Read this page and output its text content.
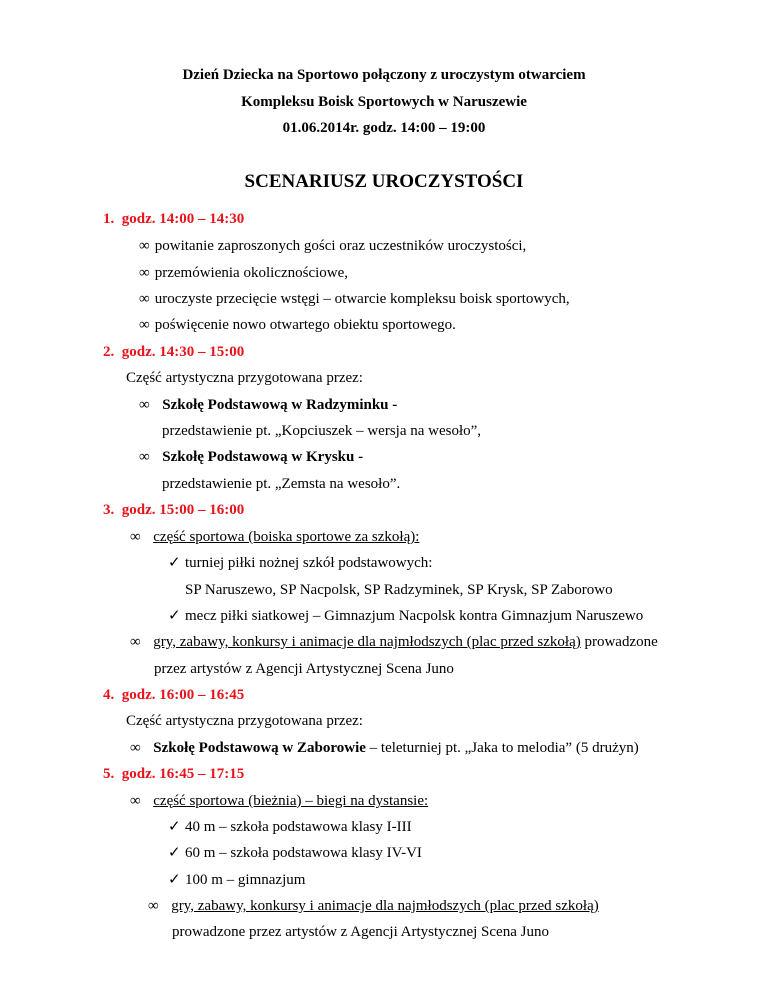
Dzień Dziecka na Sportowo połączony z uroczystym otwarciem
Kompleksu Boisk Sportowych w Naruszewie
01.06.2014r. godz. 14:00 – 19:00
SCENARIUSZ UROCZYSTOŚCI
1. godz. 14:00 – 14:30
∞ powitanie zaproszonych gości oraz uczestników uroczystości,
∞ przemówienia okolicznościowe,
∞ uroczyste przecięcie wstęgi – otwarcie kompleksu boisk sportowych,
∞ poświęcenie nowo otwartego obiektu sportowego.
2. godz. 14:30 – 15:00
Część artystyczna przygotowana przez:
∞ Szkołę Podstawową w Radzyminku -
przedstawienie pt. „Kopciuszek – wersja na wesoło”,
∞ Szkołę Podstawową w Krysku -
przedstawienie pt. „Zemsta na wesoło”.
3. godz. 15:00 – 16:00
∞ część sportowa (boiska sportowe za szkołą):
✓ turniej piłki nożnej szkół podstawowych:
SP Naruszewo, SP Nacpolsk, SP Radzyminek, SP Krysk, SP Zaborowo
✓ mecz piłki siatkowej – Gimnazjum Nacpolsk kontra Gimnazjum Naruszewo
∞ gry, zabawy, konkursy i animacje dla najmłodszych (plac przed szkołą) prowadzone
przez artystów z Agencji Artystycznej Scena Juno
4. godz. 16:00 – 16:45
Część artystyczna przygotowana przez:
∞ Szkołę Podstawową w Zaborowie – teleturniej pt. „Jaka to melodia” (5 drużyn)
5. godz. 16:45 – 17:15
∞ część sportowa (bieżnia) – biegi na dystansie:
✓ 40 m – szkoła podstawowa klasy I-III
✓ 60 m – szkoła podstawowa klasy IV-VI
✓ 100 m – gimnazjum
∞ gry, zabawy, konkursy i animacje dla najmłodszych (plac przed szkołą)
prowadzone przez artystów z Agencji Artystycznej Scena Juno
